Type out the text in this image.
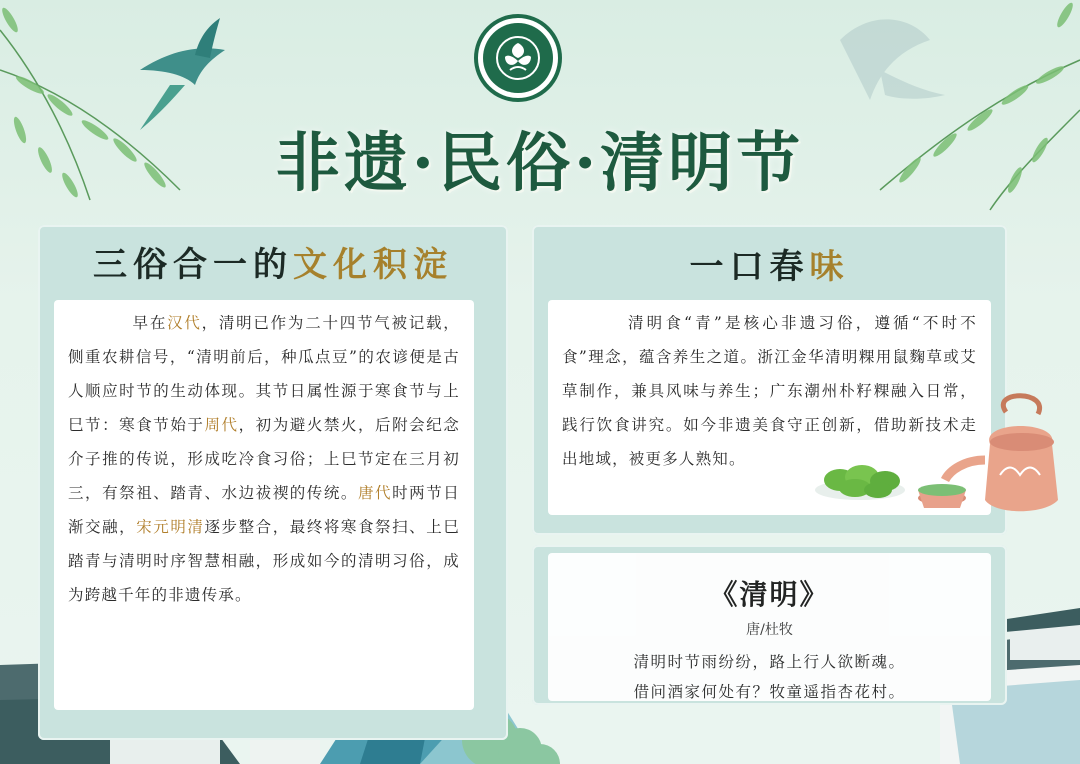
非遗·民俗·清明节
三俗合一的文化积淀
早在汉代，清明已作为二十四节气被记载，侧重农耕信号，“清明前后，种瓜点豆”的农谚便是古人顺应时节的生动体现。其节日属性源于寒食节与上巳节：寒食节始于周代，初为避火禁火，后附会纪念介子推的传说，形成吃冷食习俗；上巳节定在三月初三，有祭祖、踏青、水边祓禊的传统。唐代时两节日渐交融，宋元明清逐步整合，最终将寒食祭扫、上巳踏青与清明时序智慧相融，形成如今的清明习俗，成为跨越千年的非遗传承。
一口春味
清明食“青”是核心非遗习俗，遵循“不时不食”理念，蕴含养生之道。浙江金华清明粿用鼠麴草或艾草制作，兼具风味与养生；广东潮州朴籽粿融入日常，践行饮食讲究。如今非遗美食守正创新，借助新技术走出地域，被更多人熟知。
《清明》
唐/杜牧
清明时节雨纷纷，路上行人欲断魂。
借问酒家何处有？牧童遥指杏花村。
